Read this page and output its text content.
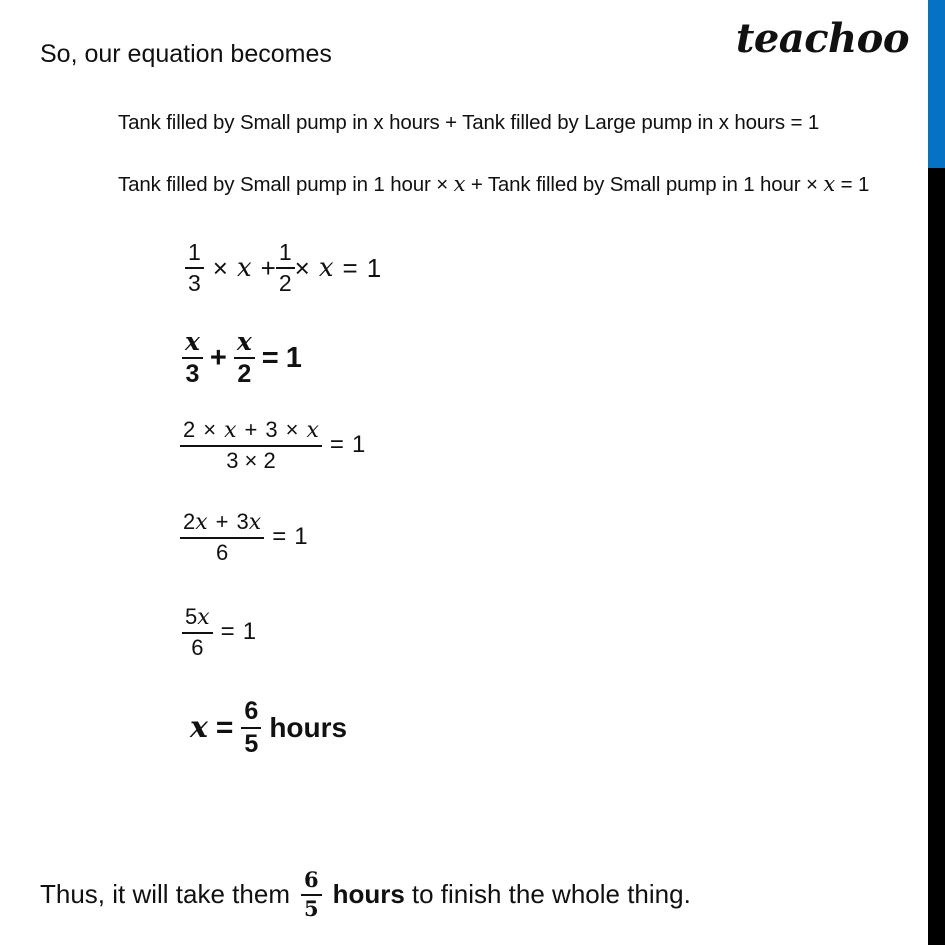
teachoo
So, our equation becomes
Tank filled by Small pump in x hours + Tank filled by Large pump in x hours = 1
Tank filled by Small pump in 1 hour × x + Tank filled by Small pump in 1 hour × x = 1
$\frac{1}{3} \times x + \frac{1}{2} \times x = 1$
$\frac{x}{3} + \frac{x}{2} = 1$
$\frac{2 \times x + 3 \times x}{3 \times 2} = 1$
$\frac{2x + 3x}{6} = 1$
$\frac{5x}{6} = 1$
$x = \frac{6}{5}$ hours
Thus, it will take them $\frac{6}{5}$ hours to finish the whole thing.
